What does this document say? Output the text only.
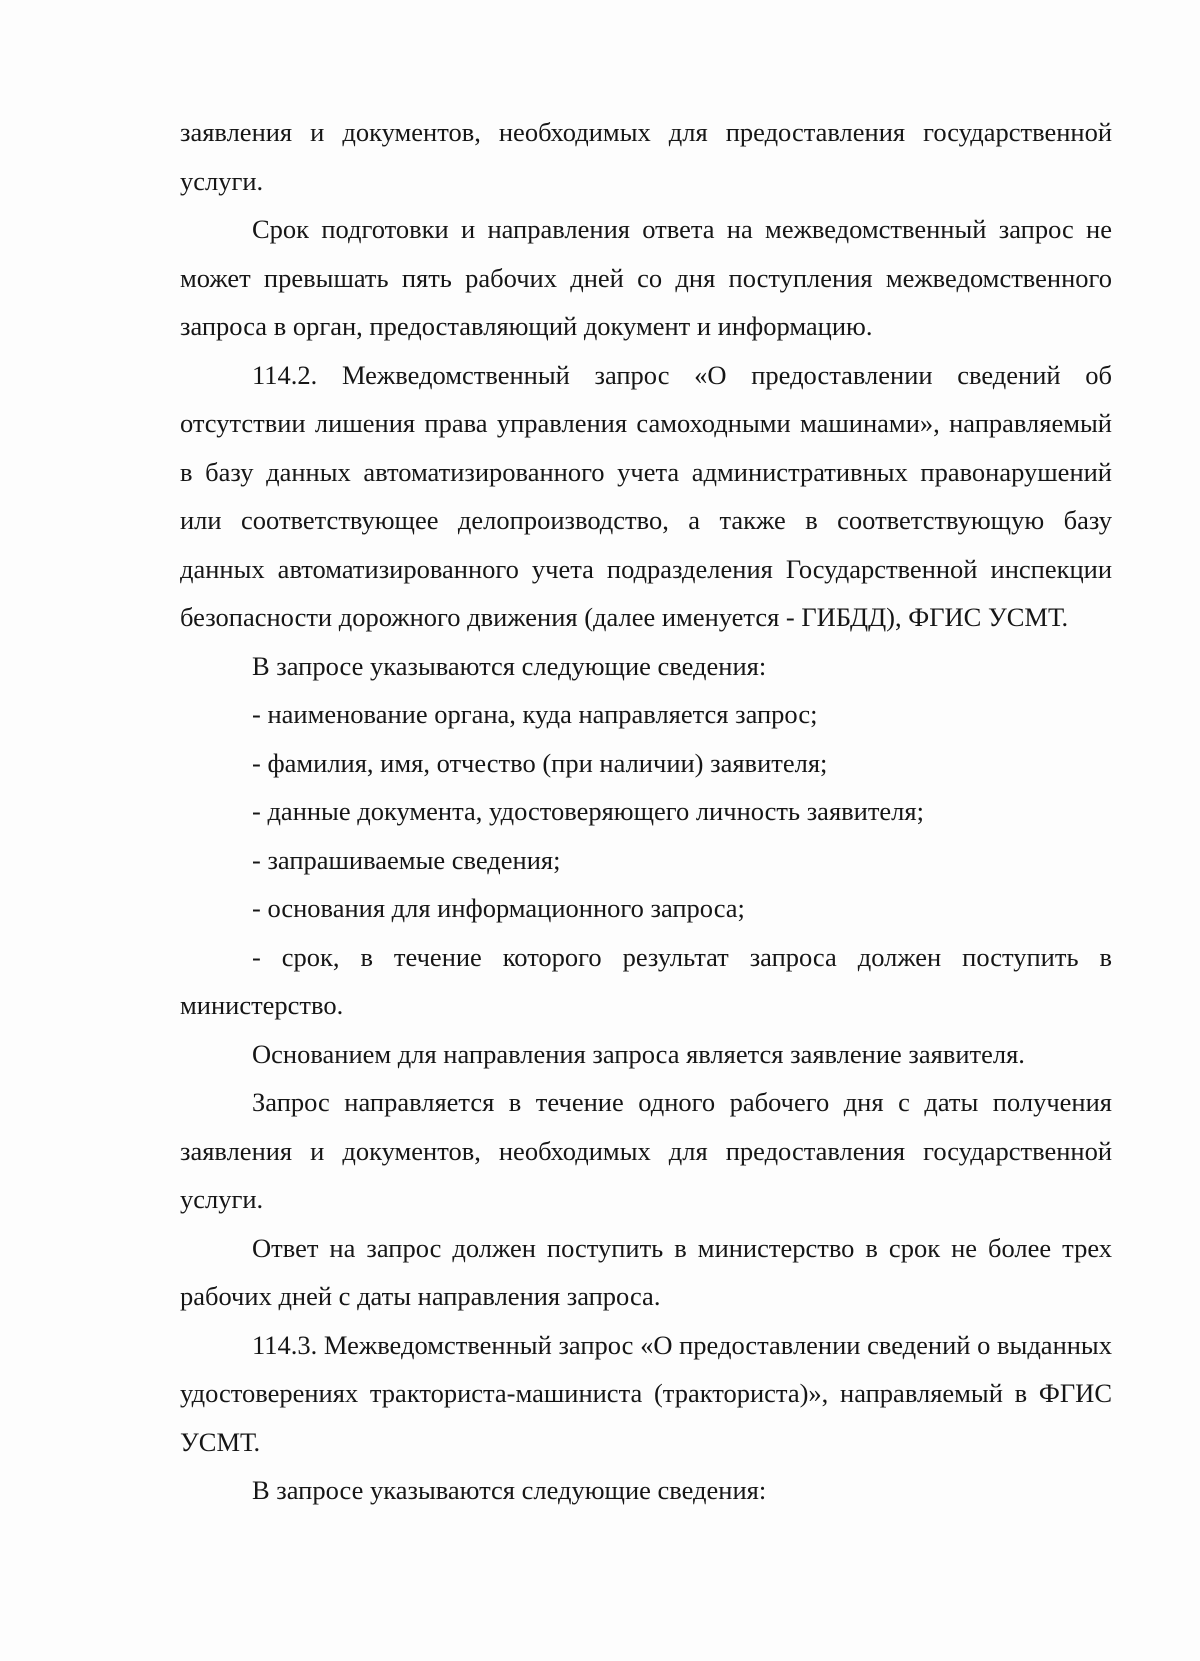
заявления и документов, необходимых для предоставления государственной услуги.

Срок подготовки и направления ответа на межведомственный запрос не может превышать пять рабочих дней со дня поступления межведомственного запроса в орган, предоставляющий документ и информацию.

114.2. Межведомственный запрос «О предоставлении сведений об отсутствии лишения права управления самоходными машинами», направляемый в базу данных автоматизированного учета административных правонарушений или соответствующее делопроизводство, а также в соответствующую базу данных автоматизированного учета подразделения Государственной инспекции безопасности дорожного движения (далее именуется - ГИБДД), ФГИС УСМТ.

В запросе указываются следующие сведения:

- наименование органа, куда направляется запрос;

- фамилия, имя, отчество (при наличии) заявителя;

- данные документа, удостоверяющего личность заявителя;

- запрашиваемые сведения;

- основания для информационного запроса;

- срок, в течение которого результат запроса должен поступить в министерство.

Основанием для направления запроса является заявление заявителя.

Запрос направляется в течение одного рабочего дня с даты получения заявления и документов, необходимых для предоставления государственной услуги.

Ответ на запрос должен поступить в министерство в срок не более трех рабочих дней с даты направления запроса.

114.3. Межведомственный запрос «О предоставлении сведений о выданных удостоверениях тракториста-машиниста (тракториста)», направляемый в ФГИС УСМТ.

В запросе указываются следующие сведения:
